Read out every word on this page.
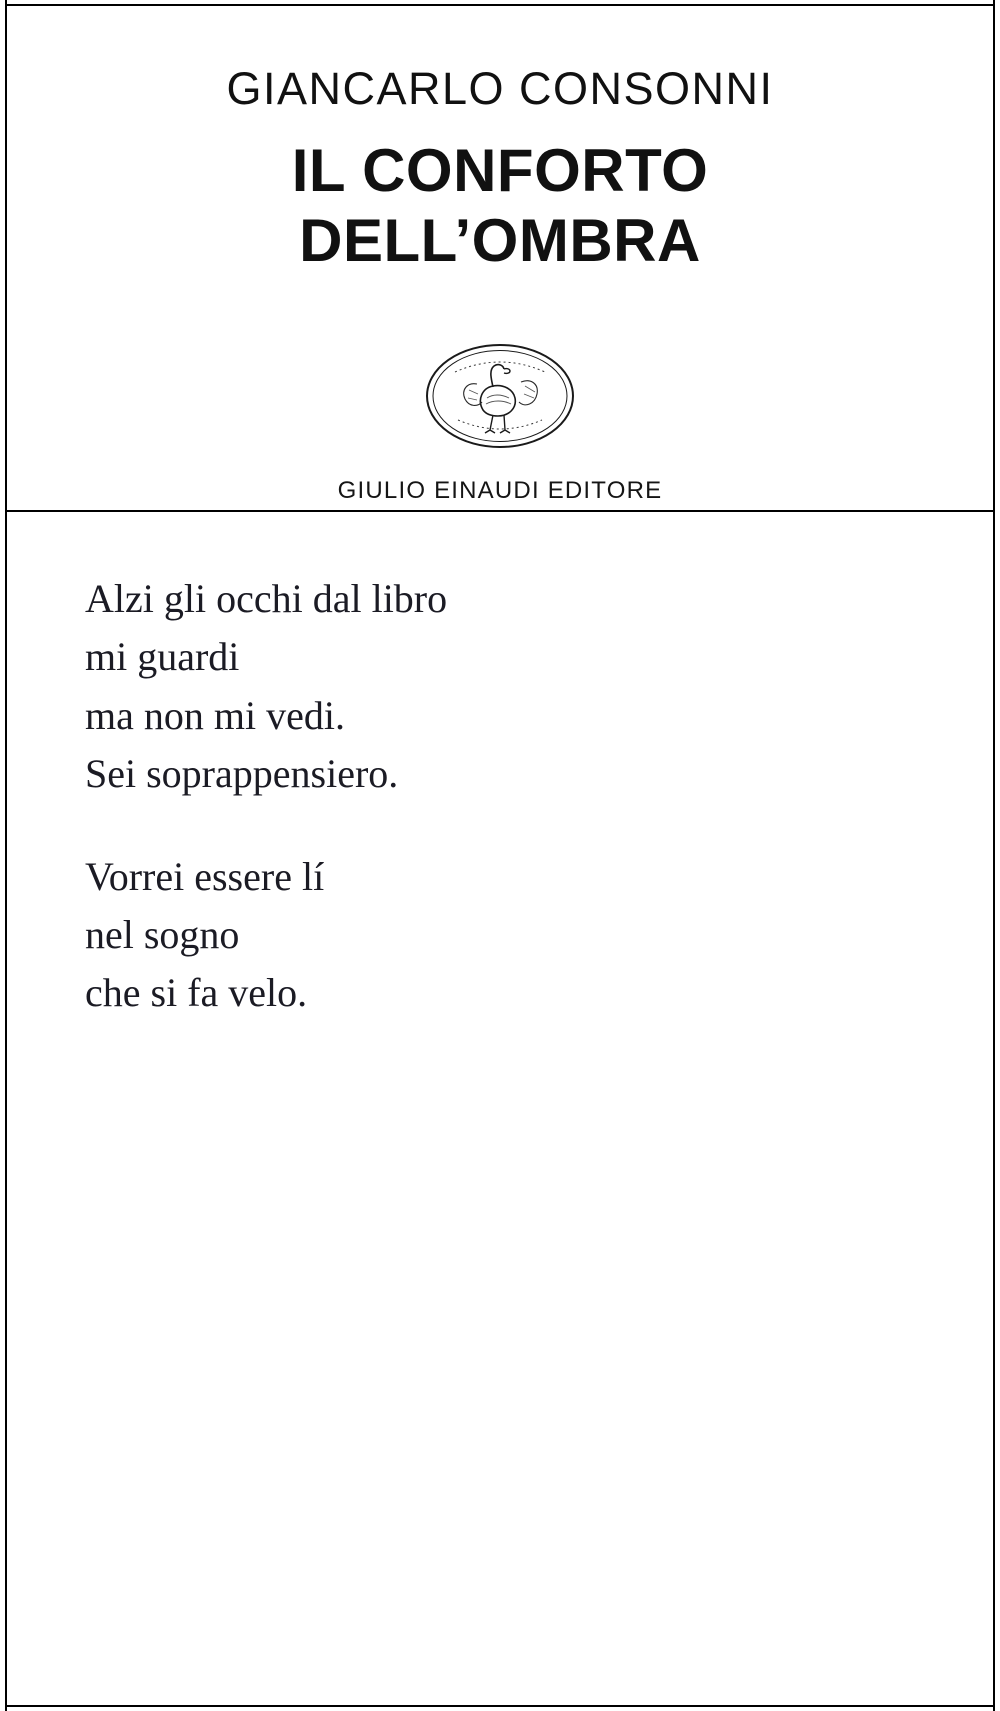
GIANCARLO CONSONNI
IL CONFORTO
DELL’OMBRA
GIULIO EINAUDI EDITORE
Alzi gli occhi dal libro
mi guardi
ma non mi vedi.
Sei soprappensiero.
Vorrei essere lí
nel sogno
che si fa velo.
